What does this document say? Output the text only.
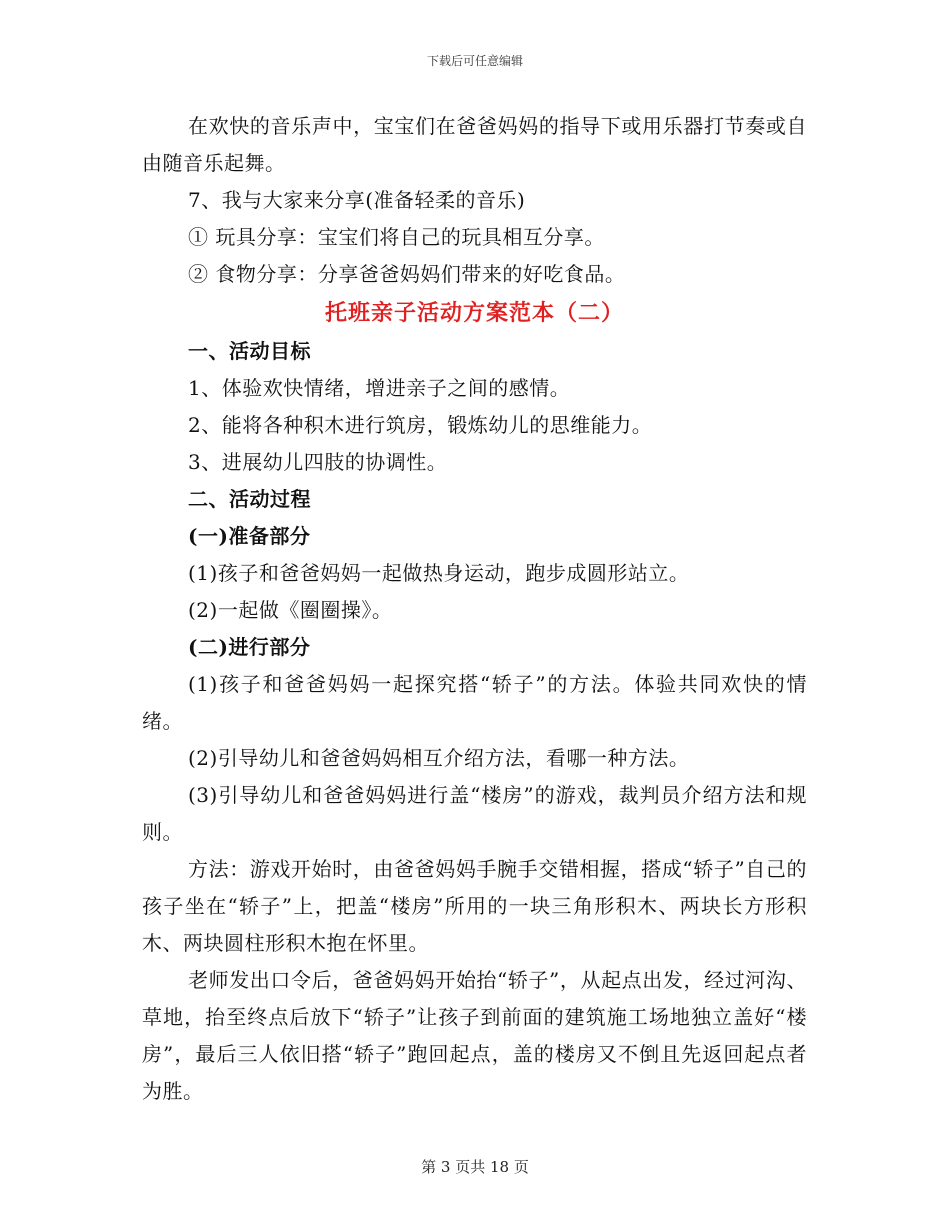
下载后可任意编辑

在欢快的音乐声中，宝宝们在爸爸妈妈的指导下或用乐器打节奏或自由随音乐起舞。

7、我与大家来分享(准备轻柔的音乐)

① 玩具分享：宝宝们将自己的玩具相互分享。

② 食物分享：分享爸爸妈妈们带来的好吃食品。

托班亲子活动方案范本（二）

一、活动目标

1、体验欢快情绪，增进亲子之间的感情。

2、能将各种积木进行筑房，锻炼幼儿的思维能力。

3、进展幼儿四肢的协调性。

二、活动过程

(一)准备部分

(1)孩子和爸爸妈妈一起做热身运动，跑步成圆形站立。

(2)一起做《圈圈操》。

(二)进行部分

(1)孩子和爸爸妈妈一起探究搭“轿子”的方法。体验共同欢快的情绪。

(2)引导幼儿和爸爸妈妈相互介绍方法，看哪一种方法。

(3)引导幼儿和爸爸妈妈进行盖“楼房”的游戏，裁判员介绍方法和规则。

方法：游戏开始时，由爸爸妈妈手腕手交错相握，搭成“轿子”自己的孩子坐在“轿子”上，把盖“楼房”所用的一块三角形积木、两块长方形积木、两块圆柱形积木抱在怀里。

老师发出口令后，爸爸妈妈开始抬“轿子”，从起点出发，经过河沟、草地，抬至终点后放下“轿子”让孩子到前面的建筑施工场地独立盖好“楼房”，最后三人依旧搭“轿子”跑回起点，盖的楼房又不倒且先返回起点者为胜。

第 3 页共 18 页
